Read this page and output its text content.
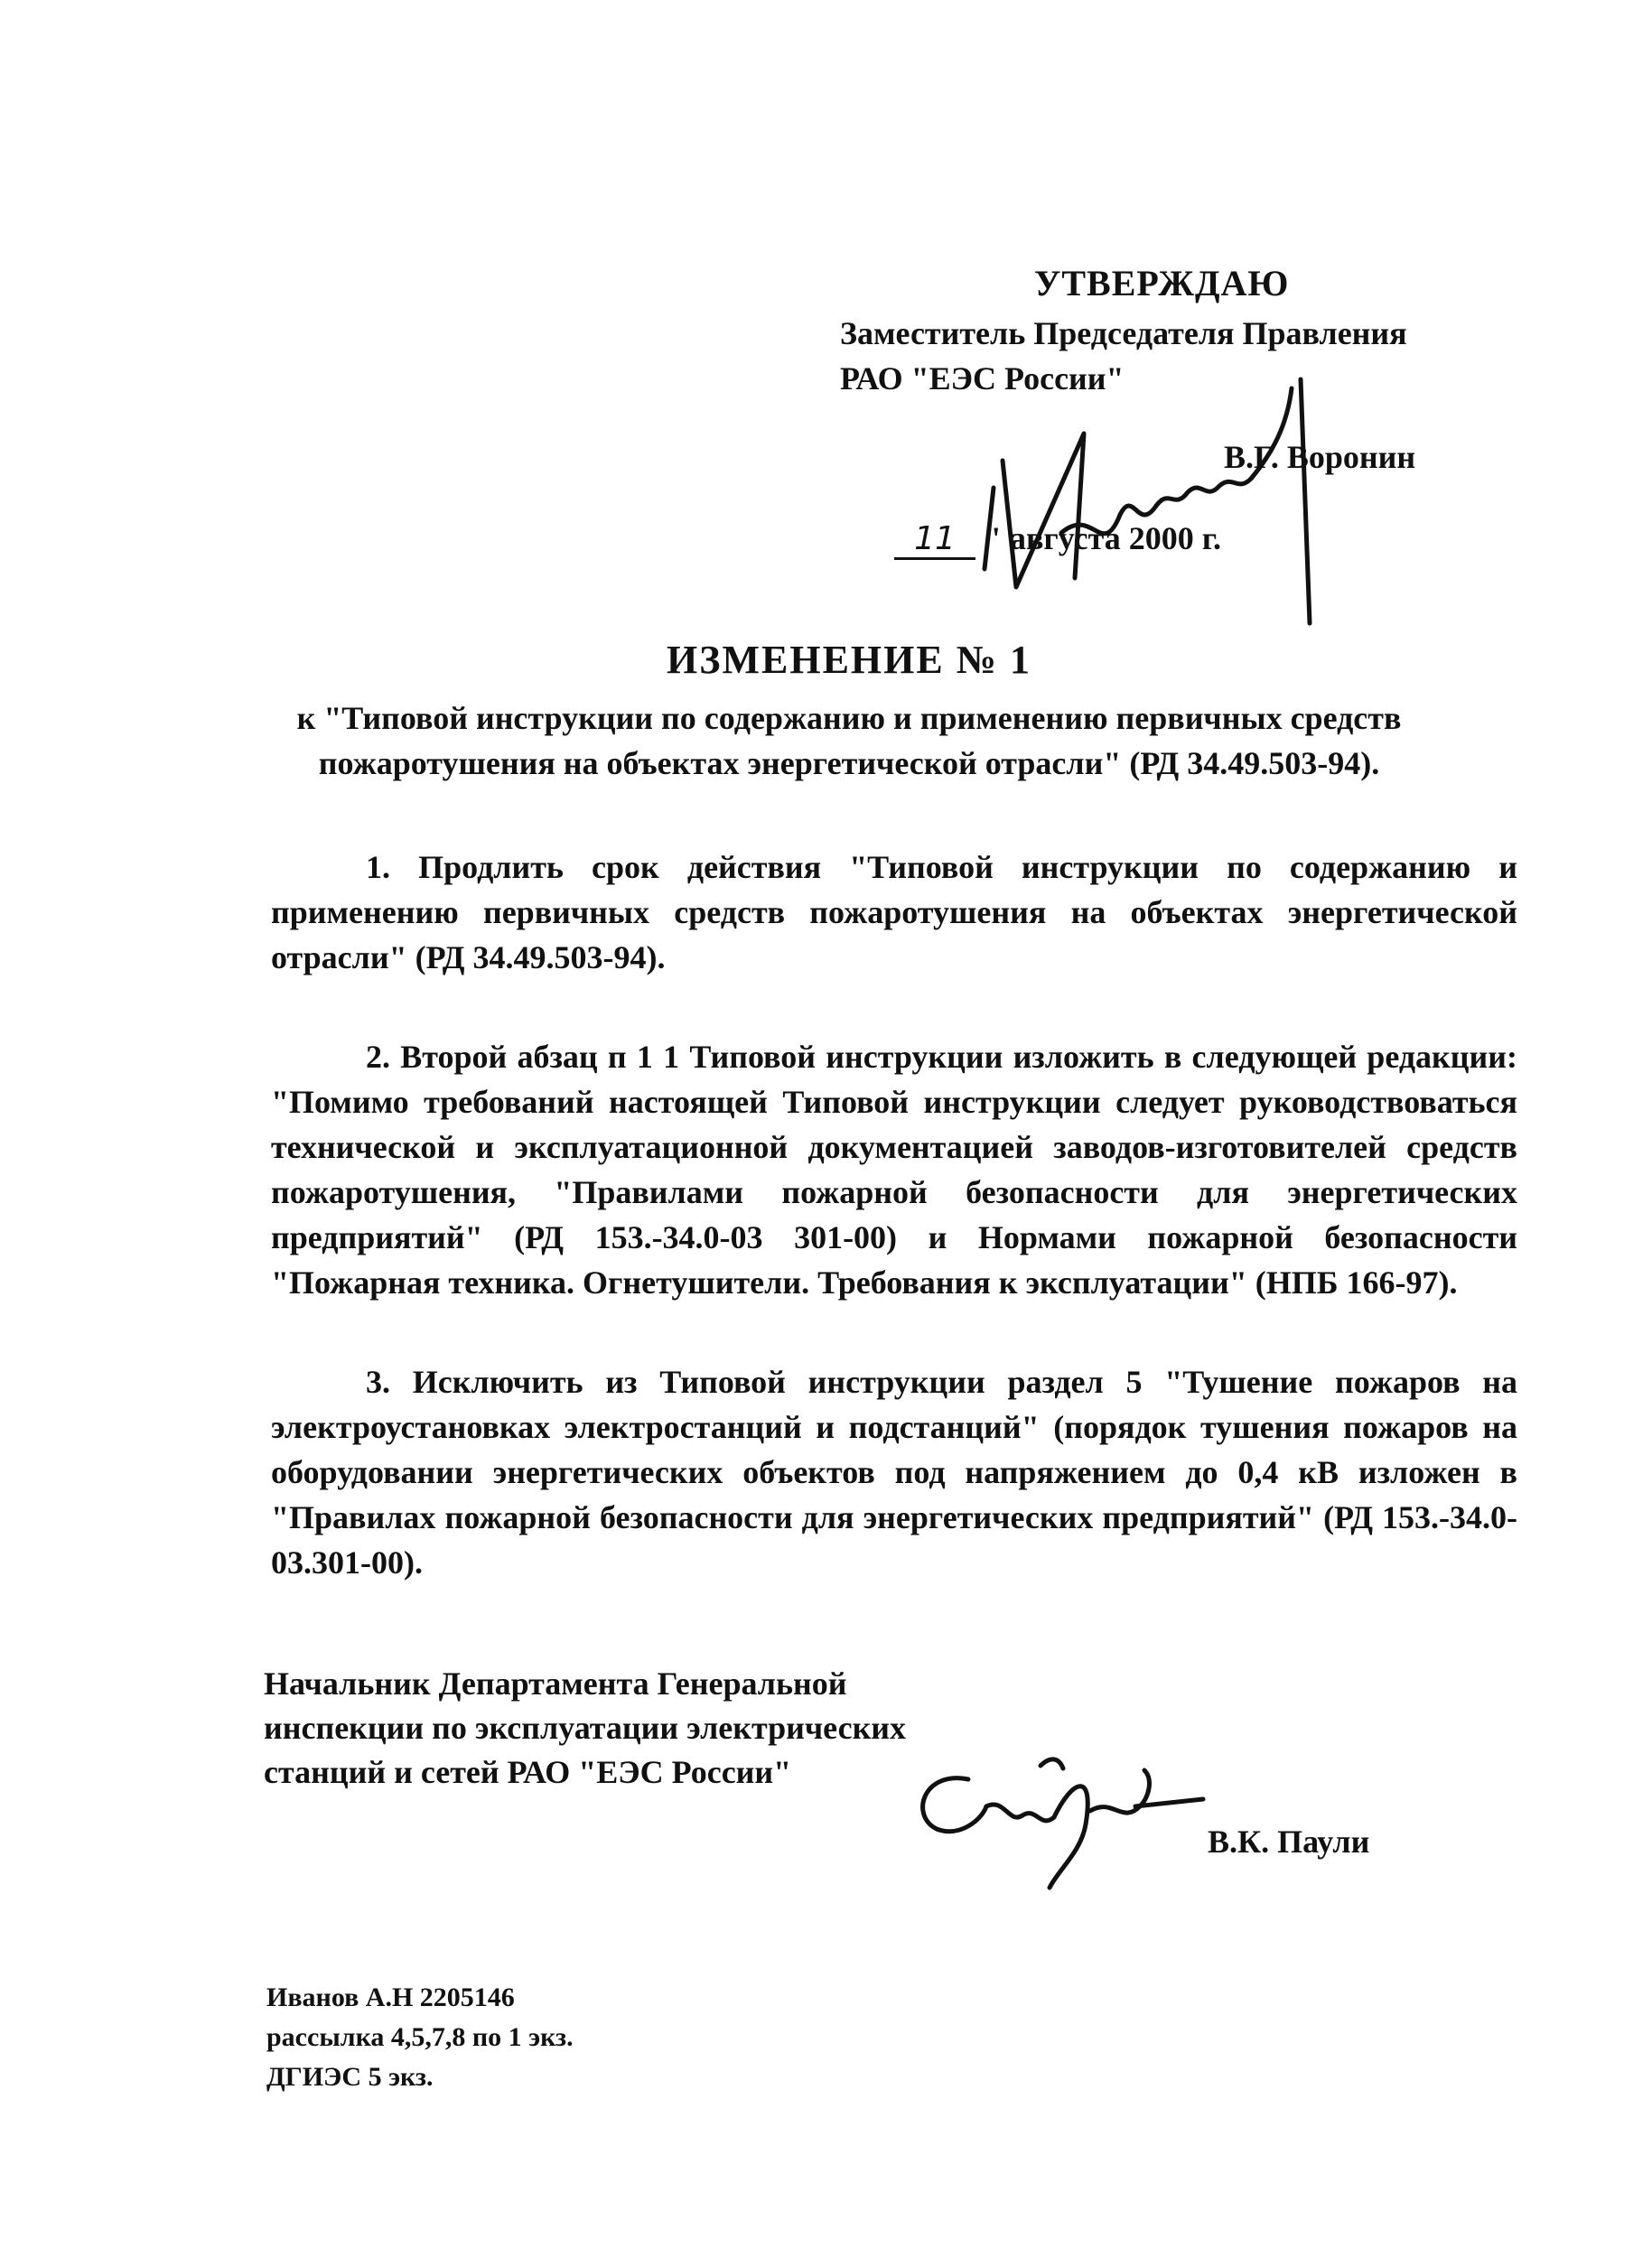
УТВЕРЖДАЮ
Заместитель Председателя Правления
РАО "ЕЭС России"
В.Г. Воронин
11 " августа 2000 г.
ИЗМЕНЕНИЕ № 1
к "Типовой инструкции по содержанию и применению первичных средств
пожаротушения на объектах энергетической отрасли" (РД 34.49.503-94).

1. Продлить срок действия "Типовой инструкции по содержанию и применению первичных средств пожаротушения на объектах энергетической отрасли" (РД 34.49.503-94).

2. Второй абзац п 1 1 Типовой инструкции изложить в следующей редакции: "Помимо требований настоящей Типовой инструкции следует руководствоваться технической и эксплуатационной документацией заводов-изготовителей средств пожаротушения, "Правилами пожарной безопасности для энергетических предприятий" (РД 153.-34.0-03 301-00) и Нормами пожарной безопасности "Пожарная техника. Огнетушители. Требования к эксплуатации" (НПБ 166-97).

3. Исключить из Типовой инструкции раздел 5 "Тушение пожаров на электроустановках электростанций и подстанций" (порядок тушения пожаров на оборудовании энергетических объектов под напряжением до 0,4 кВ изложен в "Правилах пожарной безопасности для энергетических предприятий" (РД 153.-34.0-03.301-00).

Начальник Департамента Генеральной
инспекции по эксплуатации электрических
станций и сетей РАО "ЕЭС России"
В.К. Паули
Иванов А.Н 2205146
рассылка 4,5,7,8 по 1 экз.
ДГИЭС 5 экз.
